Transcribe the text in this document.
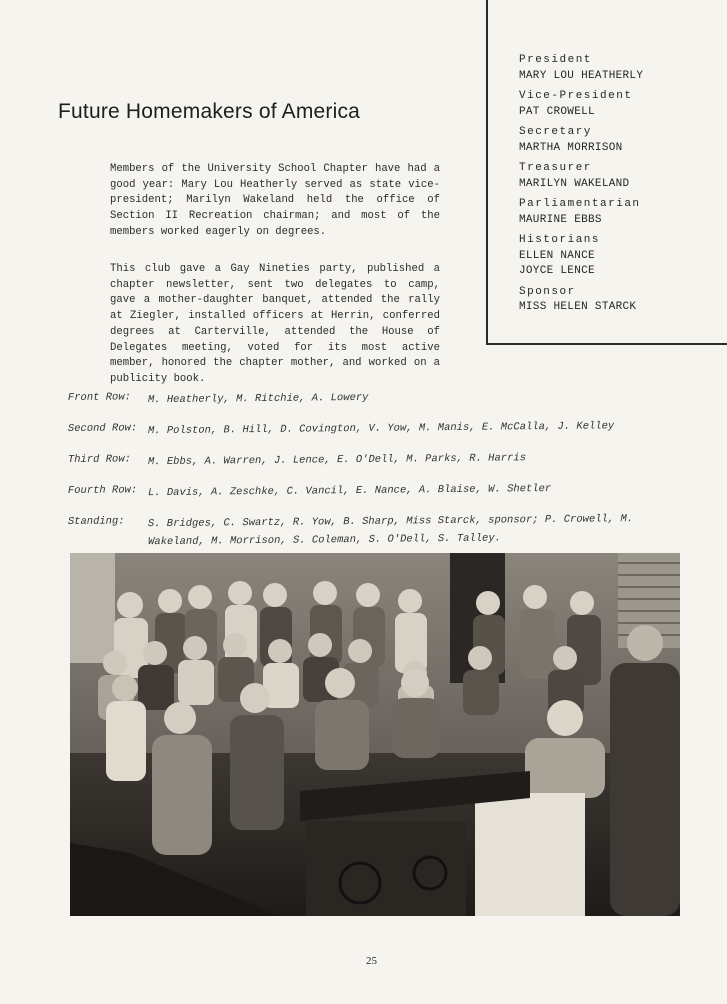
Future Homemakers of America
President
MARY LOU HEATHERLY
Vice-President
PAT CROWELL
Secretary
MARTHA MORRISON
Treasurer
MARILYN WAKELAND
Parliamentarian
MAURINE EBBS
Historians
ELLEN NANCE
JOYCE LENCE
Sponsor
MISS HELEN STARCK

Members of the University School Chapter have had a good year: Mary Lou Heatherly served as state vice-president; Marilyn Wakeland held the office of Section II Recreation chairman; and most of the members worked eagerly on degrees.

This club gave a Gay Nineties party, published a chapter newsletter, sent two delegates to camp, gave a mother-daughter banquet, attended the rally at Ziegler, installed officers at Herrin, conferred degrees at Carterville, attended the House of Delegates meeting, voted for its most active member, honored the chapter mother, and worked on a publicity book.

Front Row: M. Heatherly, M. Ritchie, A. Lowery
Second Row: M. Polston, B. Hill, D. Covington, V. Yow, M. Manis, E. McCalla, J. Kelley
Third Row: M. Ebbs, A. Warren, J. Lence, E. O'Dell, M. Parks, R. Harris
Fourth Row: L. Davis, A. Zeschke, C. Vancil, E. Nance, A. Blaise, W. Shetler
Standing: S. Bridges, C. Swartz, R. Yow, B. Sharp, Miss Starck, sponsor; P. Crowell, M. Wakeland, M. Morrison, S. Coleman, S. O'Dell, S. Talley.
25
